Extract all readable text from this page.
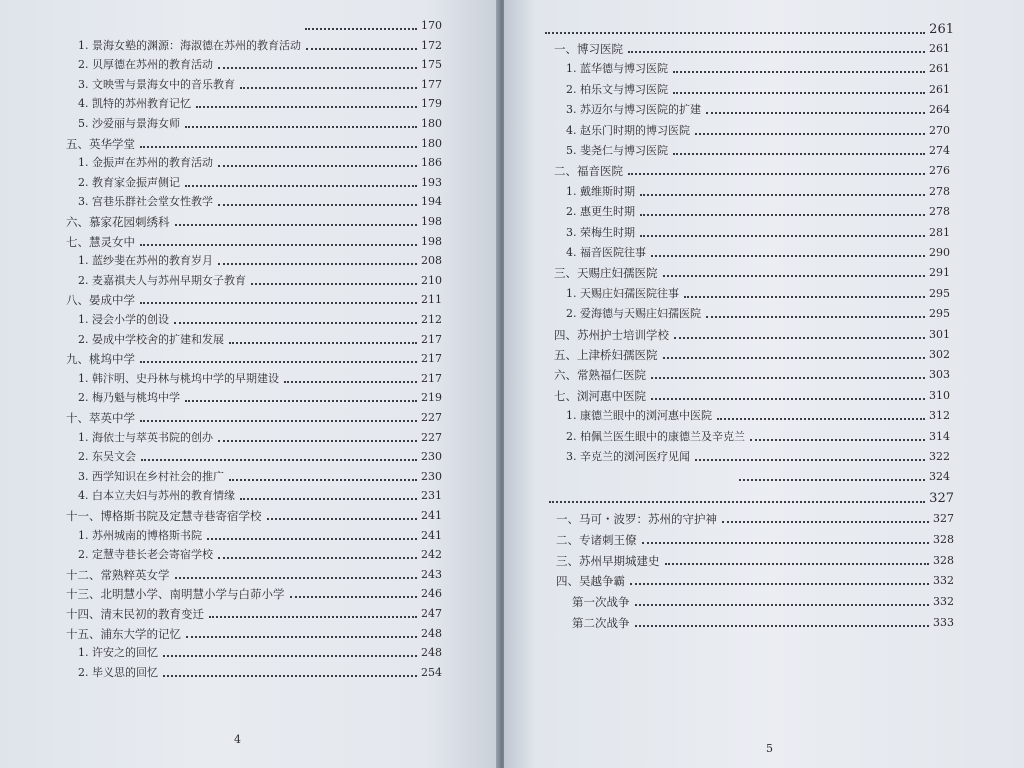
170
1. 景海女塾的渊源：海淑德在苏州的教育活动	172
2. 贝厚德在苏州的教育活动	175
3. 文映雪与景海女中的音乐教育	177
4. 凯特的苏州教育记忆	179
5. 沙爱丽与景海女师	180
五、英华学堂	180
1. 金振声在苏州的教育活动	186
2. 教育家金振声侧记	193
3. 宫巷乐群社会堂女性教学	194
六、慕家花园刺绣科	198
七、慧灵女中	198
1. 蓝纱斐在苏州的教育岁月	208
2. 麦嘉祺夫人与苏州早期女子教育	210
八、晏成中学	211
1. 浸会小学的创设	212
2. 晏成中学校舍的扩建和发展	217
九、桃坞中学	217
1. 韩汴明、史丹林与桃坞中学的早期建设	217
2. 梅乃魁与桃坞中学	219
十、萃英中学	227
1. 海依士与萃英书院的创办	227
2. 东吴文会	230
3. 西学知识在乡村社会的推广	230
4. 白本立夫妇与苏州的教育情缘	231
十一、博格斯书院及定慧寺巷寄宿学校	241
1. 苏州城南的博格斯书院	241
2. 定慧寺巷长老会寄宿学校	242
十二、常熟粹英女学	243
十三、北明慧小学、南明慧小学与白茆小学	246
十四、清末民初的教育变迁	247
十五、浦东大学的记忆	248
1. 许安之的回忆	248
2. 毕义思的回忆	254
4
261
一、博习医院	261
1. 蓝华德与博习医院	261
2. 柏乐文与博习医院	261
3. 苏迈尔与博习医院的扩建	264
4. 赵乐门时期的博习医院	270
5. 斐尧仁与博习医院	274
二、福音医院	276
1. 戴维斯时期	278
2. 惠更生时期	278
3. 荣梅生时期	281
4. 福音医院往事	290
三、天赐庄妇孺医院	291
1. 天赐庄妇孺医院往事	295
2. 爱海德与天赐庄妇孺医院	295
四、苏州护士培训学校	301
五、上津桥妇孺医院	302
六、常熟福仁医院	303
七、浏河惠中医院	310
1. 康德兰眼中的浏河惠中医院	312
2. 柏佩兰医生眼中的康德兰及辛克兰	314
3. 辛克兰的浏河医疗见闻	322
324
327
一、马可・波罗：苏州的守护神	327
二、专诸刺王僚	328
三、苏州早期城建史	328
四、吴越争霸	332
第一次战争	332
第二次战争	333
5
